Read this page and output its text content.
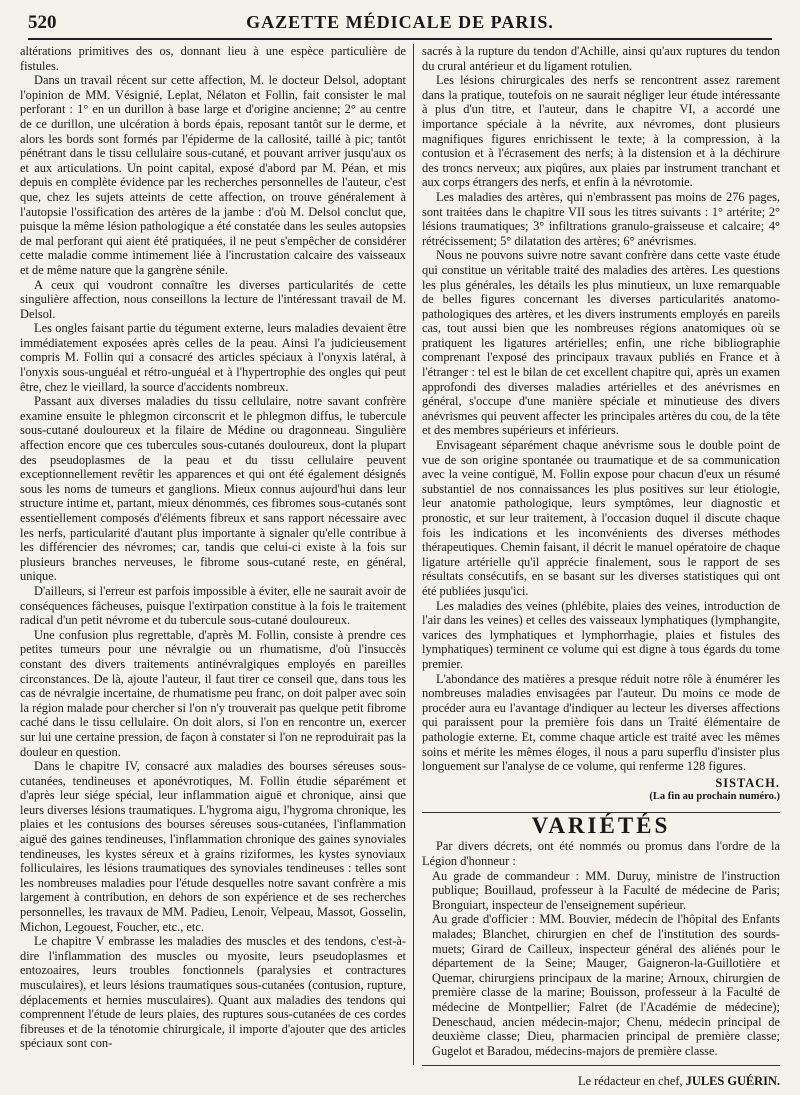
520	GAZETTE MÉDICALE DE PARIS.

altérations primitives des os, donnant lieu à une espèce particulière de fistules.

Dans un travail récent sur cette affection, M. le docteur Delsol, adoptant l'opinion de MM. Vésignié, Leplat, Nélaton et Follin, fait consister le mal perforant : 1° en un durillon à base large et d'origine ancienne; 2° au centre de ce durillon, une ulcération à bords épais, reposant tantôt sur le derme, et alors les bords sont formés par l'épiderme de la callosité, taillé à pic; tantôt pénétrant dans le tissu cellulaire sous-cutané, et pouvant arriver jusqu'aux os et aux articulations. Un point capital, exposé d'abord par M. Péan, et mis depuis en complète évidence par les recherches personnelles de l'auteur, c'est que, chez les sujets atteints de cette affection, on trouve généralement à l'autopsie l'ossification des artères de la jambe : d'où M. Delsol conclut que, puisque la même lésion pathologique a été constatée dans les seules autopsies de mal perforant qui aient été pratiquées, il ne peut s'empêcher de considérer cette maladie comme intimement liée à l'incrustation calcaire des vaisseaux et de même nature que la gangrène sénile.

A ceux qui voudront connaître les diverses particularités de cette singulière affection, nous conseillons la lecture de l'intéressant travail de M. Delsol.

Les ongles faisant partie du tégument externe, leurs maladies devaient être immédiatement exposées après celles de la peau. Ainsi l'a judicieusement compris M. Follin qui a consacré des articles spéciaux à l'onyxis latéral, à l'onyxis sous-unguéal et rétro-unguéal et à l'hypertrophie des ongles qui peut être, chez le vieillard, la source d'accidents nombreux.

Passant aux diverses maladies du tissu cellulaire, notre savant confrère examine ensuite le phlegmon circonscrit et le phlegmon diffus, le tubercule sous-cutané douloureux et la filaire de Médine ou dragonneau. Singulière affection encore que ces tubercules sous-cutanés douloureux, dont la plupart des pseudoplasmes de la peau et du tissu cellulaire peuvent exceptionnellement revêtir les apparences et qui ont été également désignés sous les noms de tumeurs et ganglions. Mieux connus aujourd'hui dans leur structure intime et, partant, mieux dénommés, ces fibromes sous-cutanés sont essentiellement composés d'éléments fibreux et sans rapport nécessaire avec les nerfs, particularité d'autant plus importante à signaler qu'elle contribue à les différencier des névromes; car, tandis que celui-ci existe à la fois sur plusieurs branches nerveuses, le fibrome sous-cutané reste, en général, unique.

D'ailleurs, si l'erreur est parfois impossible à éviter, elle ne saurait avoir de conséquences fâcheuses, puisque l'extirpation constitue à la fois le traitement radical d'un petit névrome et du tubercule sous-cutané douloureux.

Une confusion plus regrettable, d'après M. Follin, consiste à prendre ces petites tumeurs pour une névralgie ou un rhumatisme, d'où l'insuccès constant des divers traitements antinévralgiques employés en pareilles circonstances. De là, ajoute l'auteur, il faut tirer ce conseil que, dans tous les cas de névralgie incertaine, de rhumatisme peu franc, on doit palper avec soin la région malade pour chercher si l'on n'y trouverait pas quelque petit fibrome caché dans le tissu cellulaire. On doit alors, si l'on en rencontre un, exercer sur lui une certaine pression, de façon à constater si l'on ne reproduirait pas la douleur en question.

Dans le chapitre IV, consacré aux maladies des bourses séreuses sous-cutanées, tendineuses et aponévrotiques, M. Follin étudie séparément et d'après leur siége spécial, leur inflammation aiguë et chronique, ainsi que leurs diverses lésions traumatiques. L'hygroma aigu, l'hygroma chronique, les plaies et les contusions des bourses séreuses sous-cutanées, l'inflammation aiguë des gaines tendineuses, l'inflammation chronique des gaines synoviales tendineuses, les kystes séreux et à grains riziformes, les kystes synoviaux folliculaires, les lésions traumatiques des synoviales tendineuses : telles sont les nombreuses maladies pour l'étude desquelles notre savant confrère a mis largement à contribution, en dehors de son expérience et de ses recherches personnelles, les travaux de MM. Padieu, Lenoir, Velpeau, Massot, Gosselin, Michon, Legouest, Foucher, etc., etc.

Le chapitre V embrasse les maladies des muscles et des tendons, c'est-à-dire l'inflammation des muscles ou myosite, leurs pseudoplasmes et entozoaires, leurs troubles fonctionnels (paralysies et contractures musculaires), et leurs lésions traumatiques sous-cutanées (contusion, rupture, déplacements et hernies musculaires). Quant aux maladies des tendons qui comprennent l'étude de leurs plaies, des ruptures sous-cutanées de ces cordes fibreuses et de la ténotomie chirurgicale, il importe d'ajouter que des articles spéciaux sont con-

sacrés à la rupture du tendon d'Achille, ainsi qu'aux ruptures du tendon du crural antérieur et du ligament rotulien.

Les lésions chirurgicales des nerfs se rencontrent assez rarement dans la pratique, toutefois on ne saurait négliger leur étude intéressante à plus d'un titre, et l'auteur, dans le chapitre VI, a accordé une importance spéciale à la névrite, aux névromes, dont plusieurs magnifiques figures enrichissent le texte; à la compression, à la contusion et à l'écrasement des nerfs; à la distension et à la déchirure des troncs nerveux; aux piqûres, aux plaies par instrument tranchant et aux corps étrangers des nerfs, et enfin à la névrotomie.

Les maladies des artères, qui n'embrassent pas moins de 276 pages, sont traitées dans le chapitre VII sous les titres suivants : 1° artérite; 2° lésions traumatiques; 3° infiltrations granulo-graisseuse et calcaire; 4° rétrécissement; 5° dilatation des artères; 6° anévrismes.

Nous ne pouvons suivre notre savant confrère dans cette vaste étude qui constitue un véritable traité des maladies des artères. Les questions les plus générales, les détails les plus minutieux, un luxe remarquable de belles figures concernant les diverses particularités anatomo-pathologiques des artères, et les divers instruments employés en pareils cas, tout aussi bien que les nombreuses régions anatomiques où se pratiquent les ligatures artérielles; enfin, une riche bibliographie comprenant l'exposé des principaux travaux publiés en France et à l'étranger : tel est le bilan de cet excellent chapitre qui, après un examen approfondi des diverses maladies artérielles et des anévrismes en général, s'occupe d'une manière spéciale et minutieuse des divers anévrismes qui peuvent affecter les principales artères du cou, de la tête et des membres supérieurs et inférieurs.

Envisageant séparément chaque anévrisme sous le double point de vue de son origine spontanée ou traumatique et de sa communication avec la veine contiguë, M. Follin expose pour chacun d'eux un résumé substantiel de nos connaissances les plus positives sur leur étiologie, leur anatomie pathologique, leurs symptômes, leur diagnostic et pronostic, et sur leur traitement, à l'occasion duquel il discute chaque fois les indications et les inconvénients des diverses méthodes thérapeutiques. Chemin faisant, il décrit le manuel opératoire de chaque ligature artérielle qu'il apprécie finalement, sous le rapport de ses résultats consécutifs, en se basant sur les diverses statistiques qui ont été publiées jusqu'ici.

Les maladies des veines (phlébite, plaies des veines, introduction de l'air dans les veines) et celles des vaisseaux lymphatiques (lymphangite, varices des lymphatiques et lymphorrhagie, plaies et fistules des lymphatiques) terminent ce volume qui est digne à tous égards du tome premier.

L'abondance des matières a presque réduit notre rôle à énumérer les nombreuses maladies envisagées par l'auteur. Du moins ce mode de procéder aura eu l'avantage d'indiquer au lecteur les diverses affections qui paraissent pour la première fois dans un Traité élémentaire de pathologie externe. Et, comme chaque article est traité avec les mêmes soins et mérite les mêmes éloges, il nous a paru superflu d'insister plus longuement sur l'analyse de ce volume, qui renferme 128 figures.

SISTACH.

(La fin au prochain numéro.)

VARIÉTÉS

Par divers décrets, ont été nommés ou promus dans l'ordre de la Légion d'honneur :

Au grade de commandeur : MM. Duruy, ministre de l'instruction publique; Bouillaud, professeur à la Faculté de médecine de Paris; Bronguiart, inspecteur de l'enseignement supérieur.

Au grade d'officier : MM. Bouvier, médecin de l'hôpital des Enfants malades; Blanchet, chirurgien en chef de l'institution des sourds-muets; Girard de Cailleux, inspecteur général des aliénés pour le département de la Seine; Mauger, Gaigneron-la-Guillotière et Quemar, chirurgiens principaux de la marine; Arnoux, chirurgien de première classe de la marine; Bouisson, professeur à la Faculté de médecine de Montpellier; Falret (de l'Académie de médecine); Deneschaud, ancien médecin-major; Chenu, médecin principal de deuxième classe; Dieu, pharmacien principal de première classe; Gugelot et Baradou, médecins-majors de première classe.

Le rédacteur en chef, JULES GUÉRIN.
